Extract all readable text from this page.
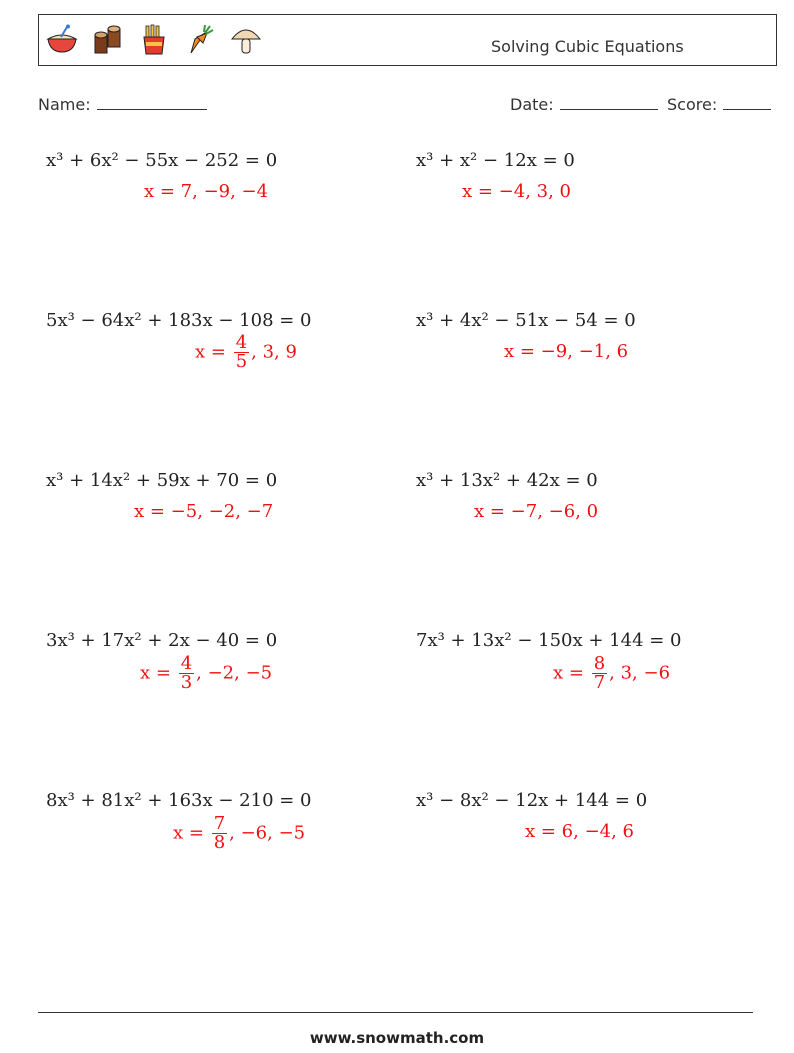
Solving Cubic Equations
Name:	Date:	Score:
x³ + 6x² − 55x − 252 = 0
x = 7, −9, −4
5x³ − 64x² + 183x − 108 = 0
$x = \frac{4}{5}$ , 3, 9
x³ + 14x² + 59x + 70 = 0
x = −5, −2, −7
3x³ + 17x² + 2x − 40 = 0
$x = \frac{4}{3}$ , −2, −5
8x³ + 81x² + 163x − 210 = 0
$x = \frac{7}{8}$ , −6, −5
x³ + x² − 12x = 0
x = −4, 3, 0
x³ + 4x² − 51x − 54 = 0
x = −9, −1, 6
x³ + 13x² + 42x = 0
x = −7, −6, 0
7x³ + 13x² − 150x + 144 = 0
$x = \frac{8}{7}$ , 3, −6
x³ − 8x² − 12x + 144 = 0
x = 6, −4, 6
www.snowmath.com
